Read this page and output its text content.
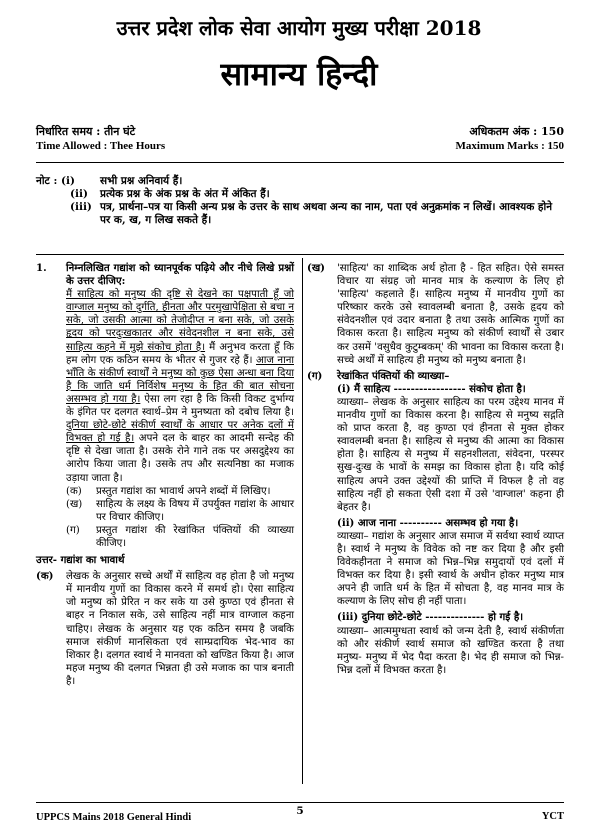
उत्तर प्रदेश लोक सेवा आयोग मुख्य परीक्षा 2018
सामान्य हिन्दी
निर्धारित समय : तीन घंटे	अधिकतम अंक : 150
Time Allowed : Thee Hours	Maximum Marks : 150
नोट : (i)	सभी प्रश्न अनिवार्य हैं।
(ii)	प्रत्येक प्रश्न के अंक प्रश्न के अंत में अंकित हैं।
(iii) पत्र, प्रार्थना–पत्र या किसी अन्य प्रश्न के उत्तर के साथ अथवा अन्य का नाम, पता एवं अनुक्रमांक न लिखें। आवश्यक होने पर क, ख, ग लिख सकते हैं।
1.	निम्नलिखित गद्यांश को ध्यानपूर्वक पढ़िये और नीचे लिखे प्रश्नों के उत्तर दीजिए:

मैं साहित्य को मनुष्य की दृष्टि से देखने का पक्षपाती हूँ जो वाग्जाल मनुष्य को दुर्गति, हीनता और परमुखापेक्षिता से बचा न सके, जो उसकी आत्मा को तेजोदीप्त न बना सके, जो उसके हृदय को परदुःखकातर और संवेदनशील न बना सके, उसे साहित्य कहने में मुझे संकोच होता है। मैं अनुभव करता हूँ कि हम लोग एक कठिन समय के भीतर से गुजर रहे हैं। आज नाना भाँति के संकीर्ण स्वार्थों ने मनुष्य को कुछ ऐसा अन्धा बना दिया है कि जाति धर्म निर्विशेष मनुष्य के हित की बात सोचना असम्भव हो गया है। ऐसा लग रहा है कि किसी विकट दुर्भाग्य के इंगित पर दलगत स्वार्थ–प्रेम ने मुनष्यता को दबोच लिया है। दुनिया छोटे-छोटे संकीर्ण स्वार्थों के आधार पर अनेक दलों में विभक्त हो गई है। अपने दल के बाहर का आदमी सन्देह की दृष्टि से देखा जाता है। उसके रोने गाने तक पर असदुद्देश्य का आरोप किया जाता है। उसके तप और सत्यनिष्ठा का मजाक उड़ाया जाता है।

(क)	प्रस्तुत गद्यांश का भावार्थ अपने शब्दों में लिखिए।
(ख)	साहित्य के लक्ष्य के विषय में उपर्युक्त गद्यांश के आधार पर विचार कीजिए।
(ग)	प्रस्तुत गद्यांश की रेखांकित पंक्तियों की व्याख्या कीजिए।

उत्तर- गद्यांश का भावार्थ

(क)	लेखक के अनुसार सच्चे अर्थों में साहित्य वह होता है जो मनुष्य में मानवीय गुणों का विकास करने में समर्थ हो। ऐसा साहित्य जो मनुष्य को प्रेरित न कर सके या उसे कुण्ठा एवं हीनता से बाहर न निकाल सके, उसे साहित्य नहीं मात्र वाग्जाल कहना चाहिए। लेखक के अनुसार यह एक कठिन समय है जबकि समाज संकीर्ण मानसिकता एवं साम्प्रदायिक भेद-भाव का शिकार है। दलगत स्वार्थ ने मानवता को खण्डित किया है। आज महज मनुष्य की दलगत भिन्नता ही उसे मजाक का पात्र बनाती है।
(ख)	'साहित्य' का शाब्दिक अर्थ होता है - हित सहित। ऐसे समस्त विचार या संग्रह जो मानव मात्र के कल्याण के लिए हो 'साहित्य' कहलाते हैं। साहित्य मनुष्य में मानवीय गुणों का परिष्कार करके उसे स्वावलम्बी बनाता है, उसके हृदय को संवेदनशील एवं उदार बनाता है तथा उसके आत्मिक गुणों का विकास करता है। साहित्य मनुष्य को संकीर्ण स्वार्थों से उबार कर उसमें 'वसुधैव कुटुम्बकम्' की भावना का विकास करता है। सच्चे अर्थों में साहित्य ही मनुष्य को मनुष्य बनाता है।
(ग)	रेखांकित पंक्तियों की व्याख्या–

(i) मैं साहित्य ----------------- संकोच होता है।

व्याख्या– लेखक के अनुसार साहित्य का परम उद्देश्य मानव में मानवीय गुणों का विकास करना है। साहित्य से मनुष्य सद्गति को प्राप्त करता है, वह कुण्ठा एवं हीनता से मुक्त होकर स्वावलम्बी बनता है। साहित्य से मनुष्य की आत्मा का विकास होता है। साहित्य से मनुष्य में सहनशीलता, संवेदना, परस्पर सुख-दुःख के भावों के समझ का विकास होता है। यदि कोई साहित्य अपने उक्त उद्देश्यों की प्राप्ति में विफल है तो वह साहित्य नहीं हो सकता ऐसी दशा में उसे 'वाग्जाल' कहना ही बेहतर है।

(ii) आज नाना ---------- असम्भव हो गया है।

व्याख्या– गद्यांश के अनुसार आज समाज में सर्वथा स्वार्थ व्याप्त है। स्वार्थ ने मनुष्य के विवेक को नष्ट कर दिया है और इसी विवेकहीनता ने समाज को भिन्न–भिन्न समुदायों एवं दलों में विभक्त कर दिया है। इसी स्वार्थ के अधीन होकर मनुष्य मात्र अपने ही जाति धर्म के हित में सोचता है, वह मानव मात्र के कल्याण के लिए सोच ही नहीं पाता।

(iii) दुनिया छोटे-छोटे -------------- हो गई है।

व्याख्या– आत्ममुग्धता स्वार्थ को जन्म देती है, स्वार्थ संकीर्णता को और संकीर्ण स्वार्थ समाज को खण्डित करता है तथा मनुष्य- मनुष्य में भेद पैदा करता है। भेद ही समाज को भिन्न-भिन्न दलों में विभक्त करता है।

UPPCS Mains 2018 General Hindi
5	YCT
